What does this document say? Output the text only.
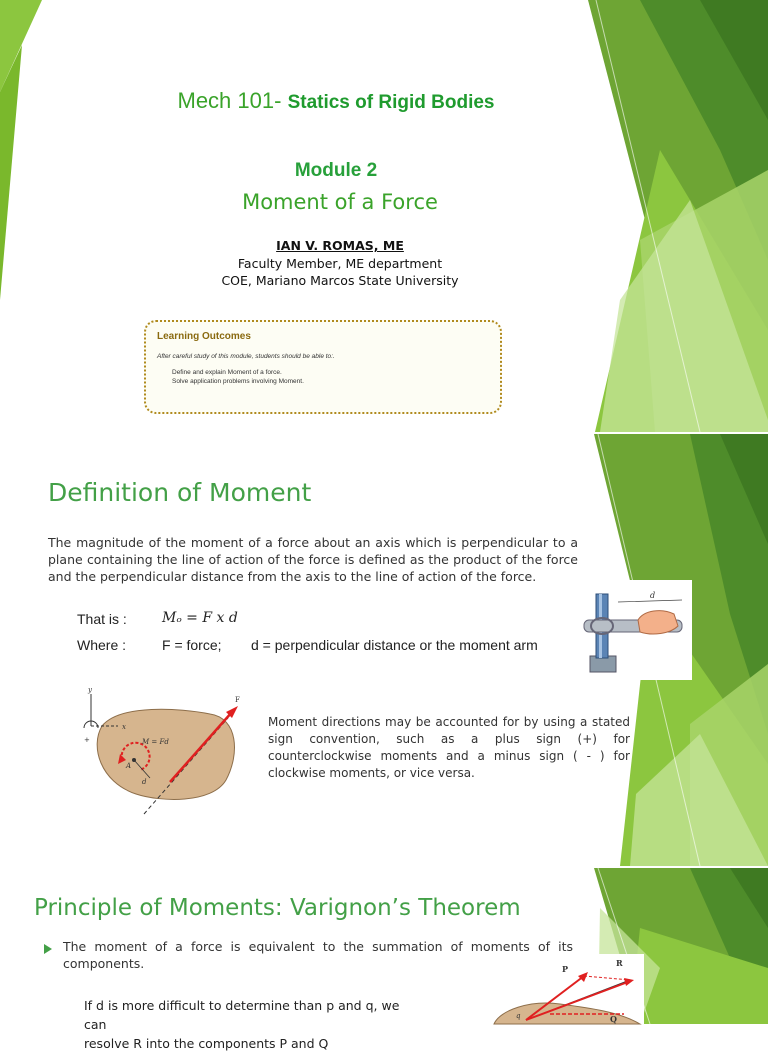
Mech 101- Statics of Rigid Bodies
Module 2
Moment of a Force
IAN V. ROMAS, ME
Faculty Member, ME department
COE, Mariano Marcos State University
Learning Outcomes
After careful study of this module, students should be able to:.
Define and explain Moment of a force.
Solve application problems involving Moment.
Definition of Moment

The magnitude of the moment of a force about an axis which is perpendicular to a plane containing the line of action of the force is defined as the product of the force and the perpendicular distance from the axis to the line of action of the force.

That is :	Mₒ = F x d
Where :	F = force; d = perpendicular distance or the moment arm
d
y
x
+	M = Fd
F
A
d

Moment directions may be accounted for by using a stated sign convention, such as a plus sign (+) for counterclockwise moments and a minus sign ( - ) for clockwise moments, or vice versa.

Principle of Moments: Varignon’s Theorem

The moment of a force is equivalent to the summation of moments of its components.

If d is more difficult to determine than p and q, we can
resolve R into the components P and Q
R
P
Q
q
